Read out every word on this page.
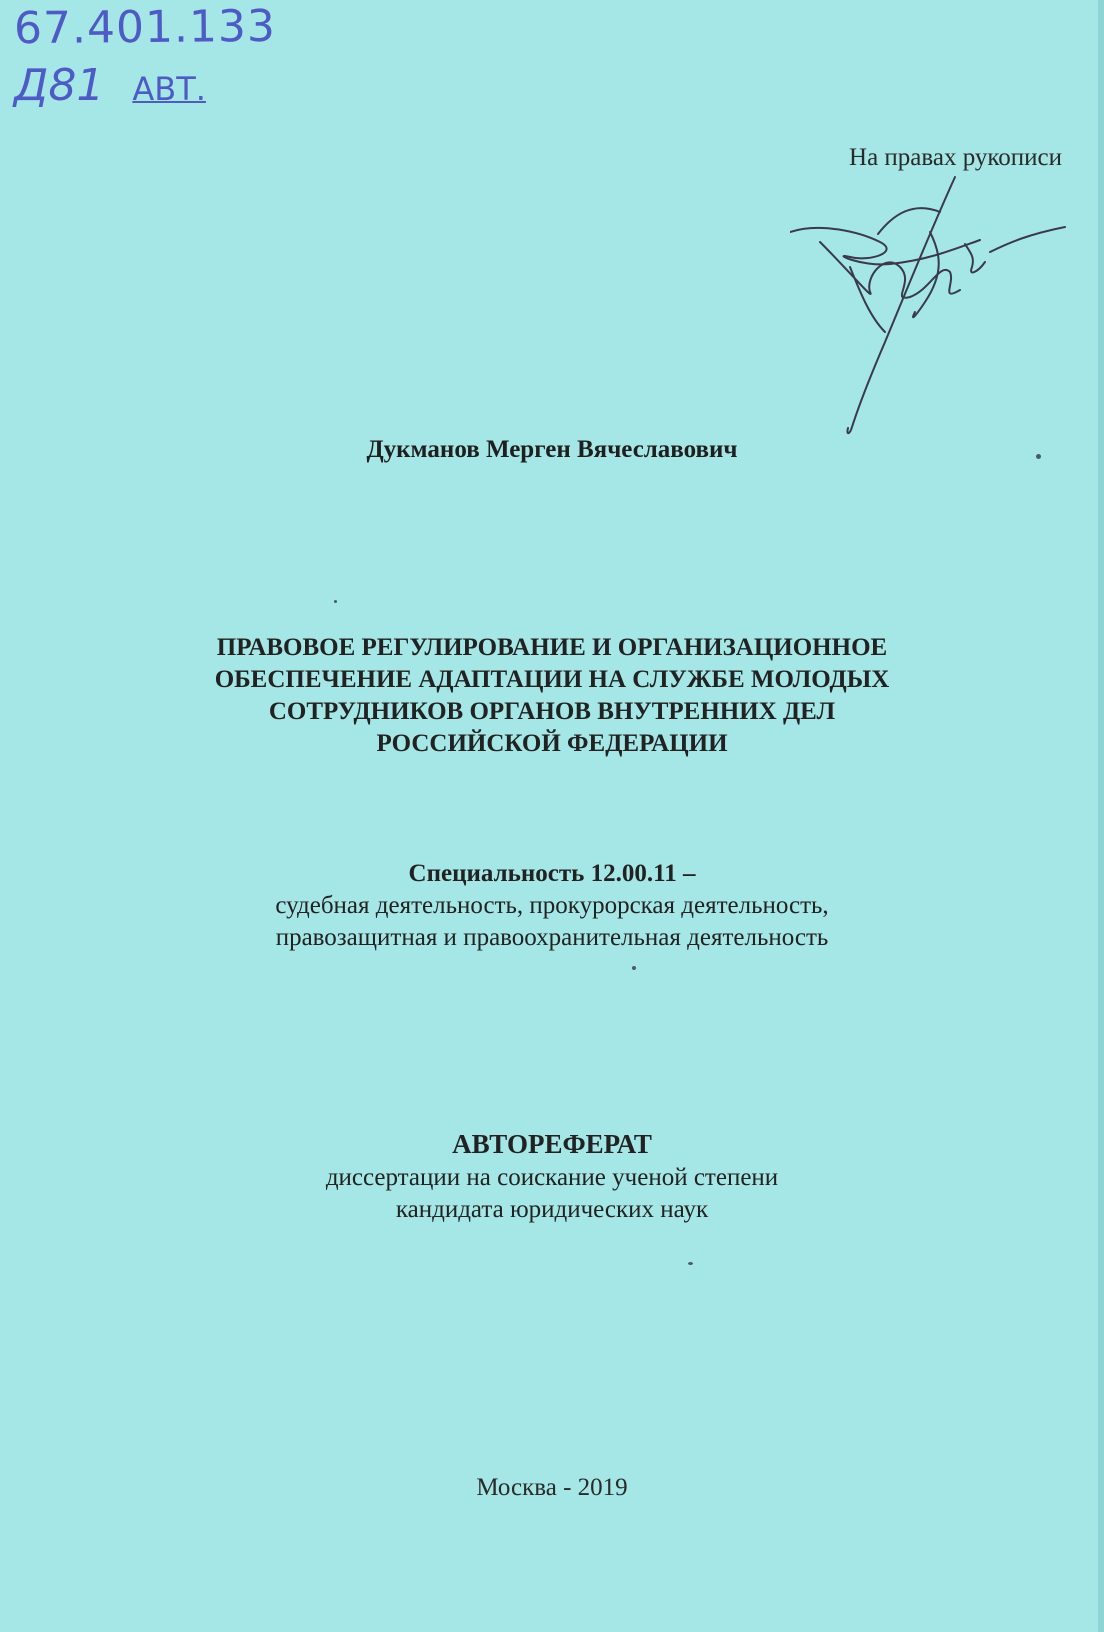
67.401.133
Д81 АВТ.
На правах рукописи
Дукманов Мерген Вячеславович
ПРАВОВОЕ РЕГУЛИРОВАНИЕ И ОРГАНИЗАЦИОННОЕ
ОБЕСПЕЧЕНИЕ АДАПТАЦИИ НА СЛУЖБЕ МОЛОДЫХ
СОТРУДНИКОВ ОРГАНОВ ВНУТРЕННИХ ДЕЛ
РОССИЙСКОЙ ФЕДЕРАЦИИ
Специальность 12.00.11 –
судебная деятельность, прокурорская деятельность,
правозащитная и правоохранительная деятельность
АВТОРЕФЕРАТ
диссертации на соискание ученой степени
кандидата юридических наук
Москва - 2019
